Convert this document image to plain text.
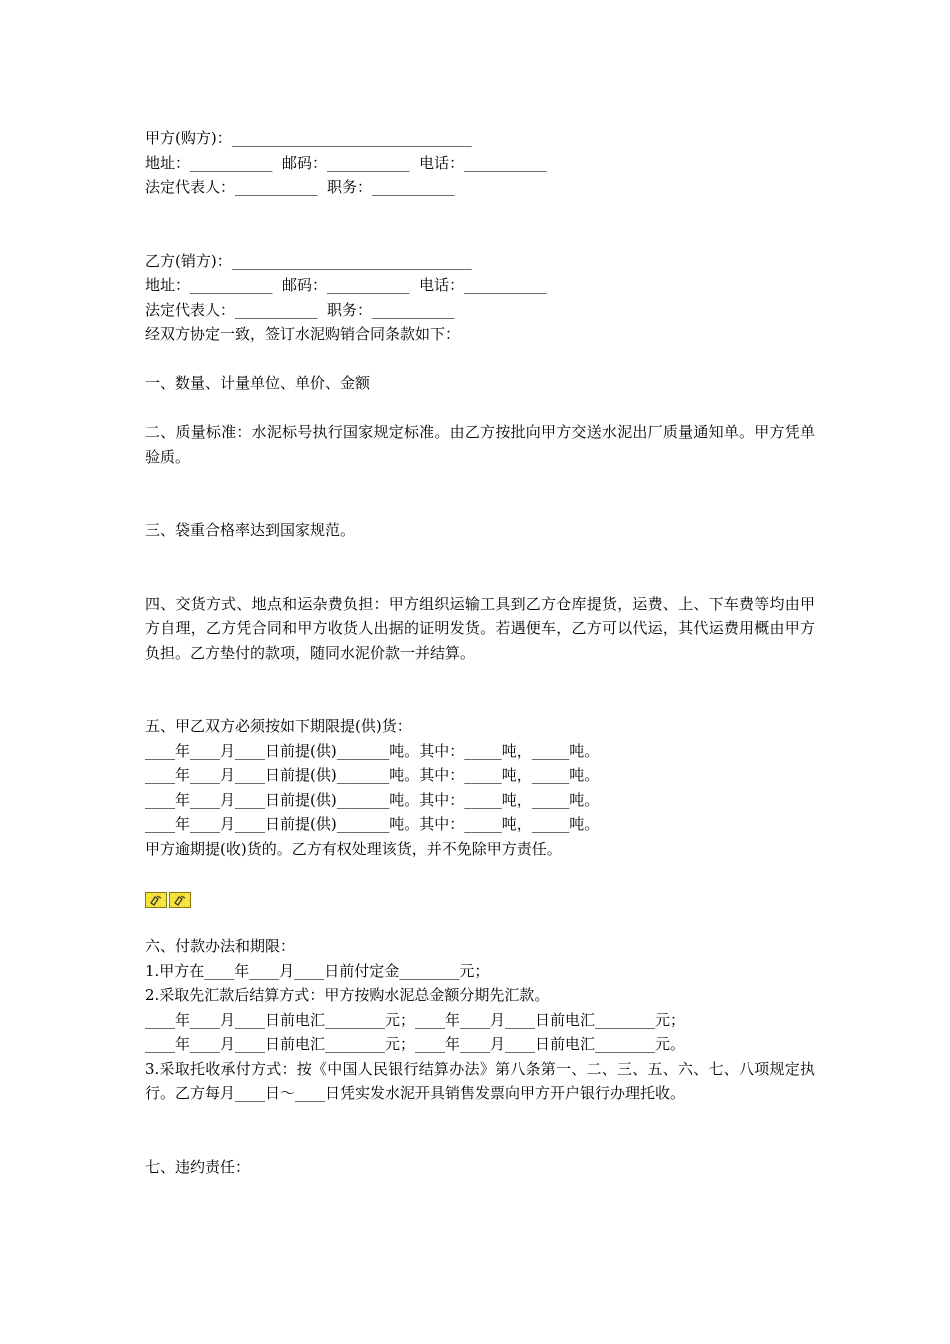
甲方(购方)：________________________________
地址：___________  邮码：___________  电话：___________
法定代表人：___________  职务：___________
乙方(销方)：________________________________
地址：___________  邮码：___________  电话：___________
法定代表人：___________  职务：___________
经双方协定一致，签订水泥购销合同条款如下：
一、数量、计量单位、单价、金额
二、质量标准：水泥标号执行国家规定标准。由乙方按批向甲方交送水泥出厂质量通知单。甲方凭单验质。
三、袋重合格率达到国家规范。
四、交货方式、地点和运杂费负担：甲方组织运输工具到乙方仓库提货，运费、上、下车费等均由甲方自理，乙方凭合同和甲方收货人出据的证明发货。若遇便车，乙方可以代运，其代运费用概由甲方负担。乙方垫付的款项，随同水泥价款一并结算。
五、甲乙双方必须按如下期限提(供)货：
____年____月____日前提(供)_______吨。其中：_____吨，_____吨。
____年____月____日前提(供)_______吨。其中：_____吨，_____吨。
____年____月____日前提(供)_______吨。其中：_____吨，_____吨。
____年____月____日前提(供)_______吨。其中：_____吨，_____吨。
甲方逾期提(收)货的。乙方有权处理该货，并不免除甲方责任。
六、付款办法和期限：
1.甲方在____年____月____日前付定金________元；
2.采取先汇款后结算方式：甲方按购水泥总金额分期先汇款。
____年____月____日前电汇________元；____年____月____日前电汇________元；
____年____月____日前电汇________元；____年____月____日前电汇________元。
3.采取托收承付方式：按《中国人民银行结算办法》第八条第一、二、三、五、六、七、八项规定执行。乙方每月____日～____日凭实发水泥开具销售发票向甲方开户银行办理托收。
七、违约责任：
